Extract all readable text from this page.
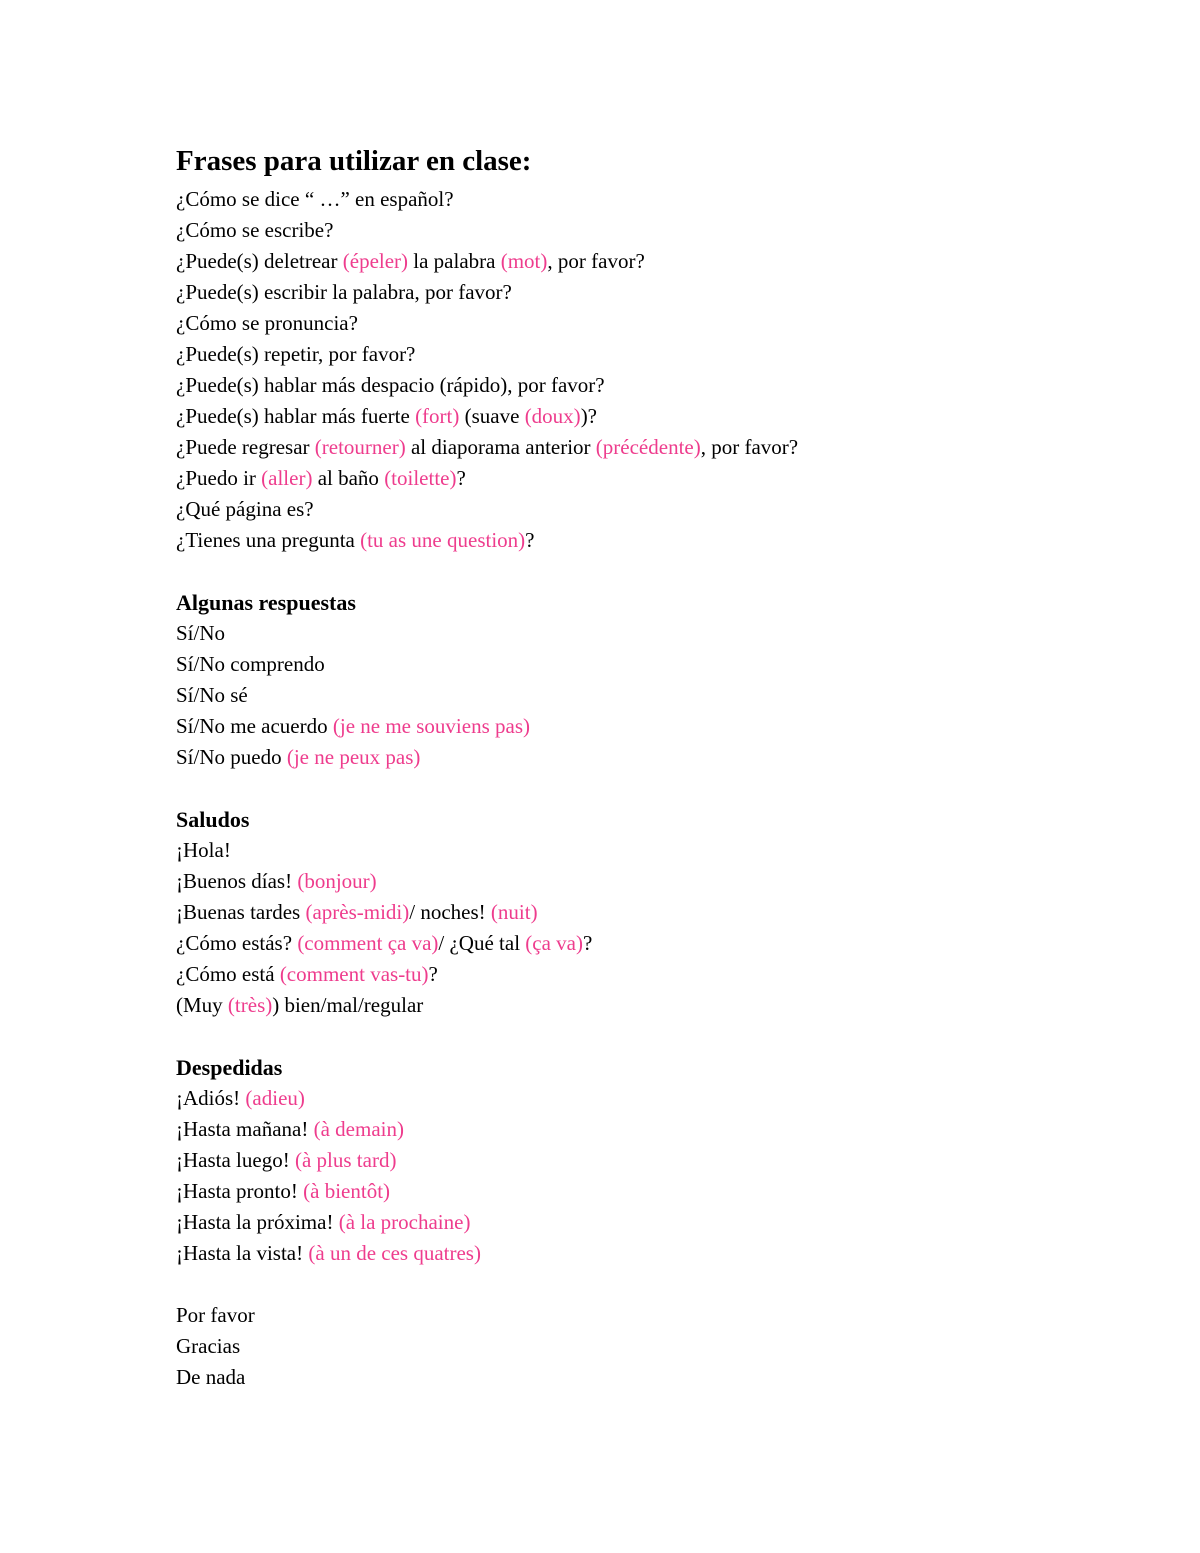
Frases para utilizar en clase:
¿Cómo se dice “ …” en español?
¿Cómo se escribe?
¿Puede(s) deletrear (épeler) la palabra (mot), por favor?
¿Puede(s) escribir la palabra, por favor?
¿Cómo se pronuncia?
¿Puede(s) repetir, por favor?
¿Puede(s) hablar más despacio (rápido), por favor?
¿Puede(s) hablar más fuerte (fort) (suave (doux))?
¿Puede regresar (retourner) al diaporama anterior (précédente), por favor?
¿Puedo ir (aller) al baño (toilette)?
¿Qué página es?
¿Tienes una pregunta (tu as une question)?
Algunas respuestas
Sí/No
Sí/No comprendo
Sí/No sé
Sí/No me acuerdo (je ne me souviens pas)
Sí/No puedo (je ne peux pas)
Saludos
¡Hola!
¡Buenos días! (bonjour)
¡Buenas tardes (après-midi)/ noches! (nuit)
¿Cómo estás? (comment ça va)/ ¿Qué tal (ça va)?
¿Cómo está (comment vas-tu)?
(Muy (très)) bien/mal/regular
Despedidas
¡Adiós! (adieu)
¡Hasta mañana! (à demain)
¡Hasta luego! (à plus tard)
¡Hasta pronto! (à bientôt)
¡Hasta la próxima! (à la prochaine)
¡Hasta la vista! (à un de ces quatres)
Por favor
Gracias
De nada
